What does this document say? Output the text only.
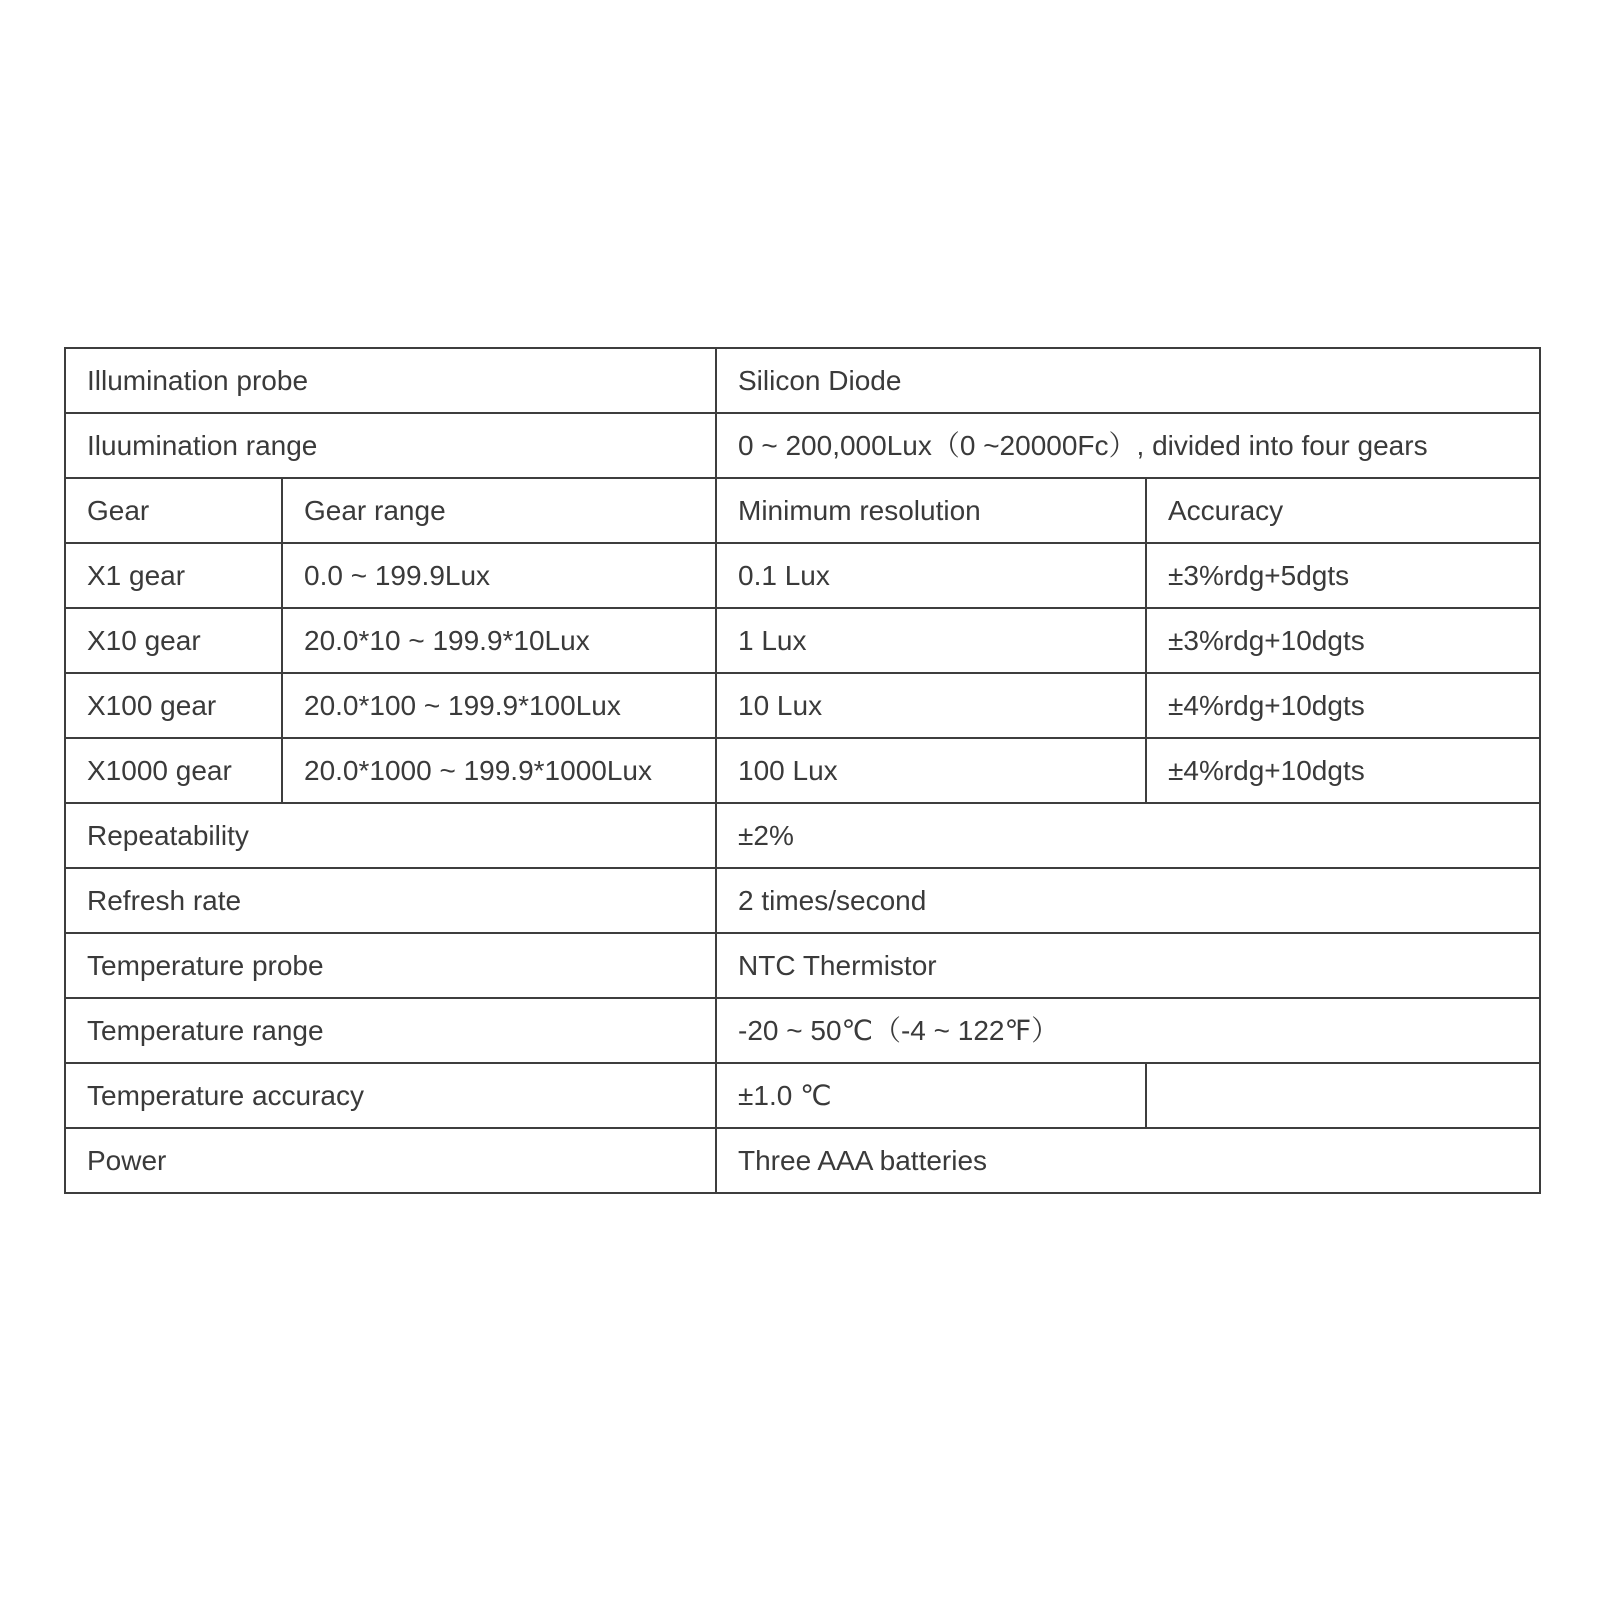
Illumination probe		Silicon Diode	
Iluumination range		0 ~ 200,000Lux（0 ~20000Fc）, divided into four gears	
Gear	Gear range	Minimum resolution	Accuracy
X1 gear	0.0 ~ 199.9Lux	0.1 Lux	±3%rdg+5dgts
X10 gear	20.0*10 ~ 199.9*10Lux	1 Lux	±3%rdg+10dgts
X100 gear	20.0*100 ~ 199.9*100Lux	10 Lux	±4%rdg+10dgts
X1000 gear	20.0*1000 ~ 199.9*1000Lux	100 Lux	±4%rdg+10dgts
Repeatability		±2%	
Refresh rate		2 times/second	
Temperature probe		NTC Thermistor	
Temperature range		-20 ~ 50℃（-4 ~ 122℉）	
Temperature accuracy		±1.0 ℃	
Power		Three AAA batteries	
